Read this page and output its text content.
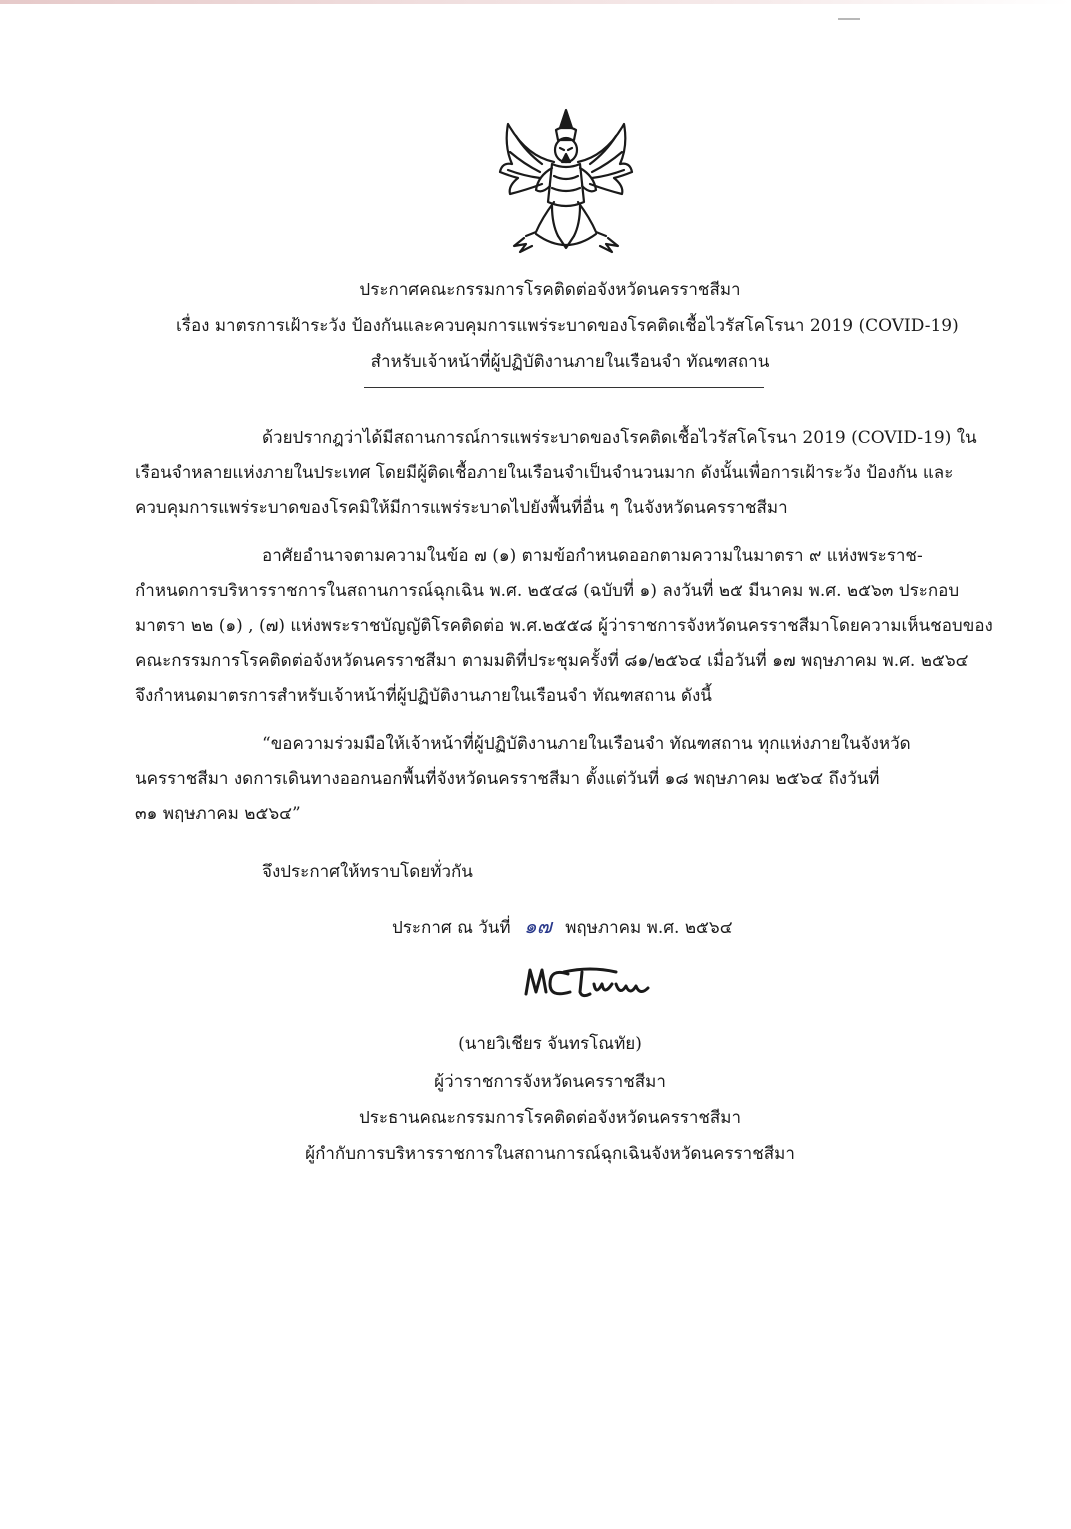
ประกาศคณะกรรมการโรคติดต่อจังหวัดนครราชสีมา
เรื่อง มาตรการเฝ้าระวัง ป้องกันและควบคุมการแพร่ระบาดของโรคติดเชื้อไวรัสโคโรนา 2019 (COVID-19)
สำหรับเจ้าหน้าที่ผู้ปฏิบัติงานภายในเรือนจำ ทัณฑสถาน
ด้วยปรากฎว่าได้มีสถานการณ์การแพร่ระบาดของโรคติดเชื้อไวรัสโคโรนา 2019 (COVID-19) ใน
เรือนจำหลายแห่งภายในประเทศ โดยมีผู้ติดเชื้อภายในเรือนจำเป็นจำนวนมาก ดังนั้นเพื่อการเฝ้าระวัง ป้องกัน และ
ควบคุมการแพร่ระบาดของโรคมิให้มีการแพร่ระบาดไปยังพื้นที่อื่น ๆ ในจังหวัดนครราชสีมา
อาศัยอำนาจตามความในข้อ ๗ (๑) ตามข้อกำหนดออกตามความในมาตรา ๙ แห่งพระราช-
กำหนดการบริหารราชการในสถานการณ์ฉุกเฉิน พ.ศ. ๒๕๔๘ (ฉบับที่ ๑) ลงวันที่ ๒๕ มีนาคม พ.ศ. ๒๕๖๓ ประกอบ
มาตรา ๒๒ (๑) , (๗) แห่งพระราชบัญญัติโรคติดต่อ พ.ศ.๒๕๕๘ ผู้ว่าราชการจังหวัดนครราชสีมาโดยความเห็นชอบของ
คณะกรรมการโรคติดต่อจังหวัดนครราชสีมา ตามมติที่ประชุมครั้งที่ ๘๑/๒๕๖๔ เมื่อวันที่ ๑๗ พฤษภาคม พ.ศ. ๒๕๖๔
จึงกำหนดมาตรการสำหรับเจ้าหน้าที่ผู้ปฏิบัติงานภายในเรือนจำ ทัณฑสถาน ดังนี้
“ขอความร่วมมือให้เจ้าหน้าที่ผู้ปฏิบัติงานภายในเรือนจำ ทัณฑสถาน ทุกแห่งภายในจังหวัด
นครราชสีมา งดการเดินทางออกนอกพื้นที่จังหวัดนครราชสีมา ตั้งแต่วันที่ ๑๘ พฤษภาคม ๒๕๖๔ ถึงวันที่
๓๑ พฤษภาคม ๒๕๖๔”
จึงประกาศให้ทราบโดยทั่วกัน
ประกาศ ณ วันที่ ๑๗ พฤษภาคม พ.ศ. ๒๕๖๔
(นายวิเชียร จันทรโณทัย)
ผู้ว่าราชการจังหวัดนครราชสีมา
ประธานคณะกรรมการโรคติดต่อจังหวัดนครราชสีมา
ผู้กำกับการบริหารราชการในสถานการณ์ฉุกเฉินจังหวัดนครราชสีมา
